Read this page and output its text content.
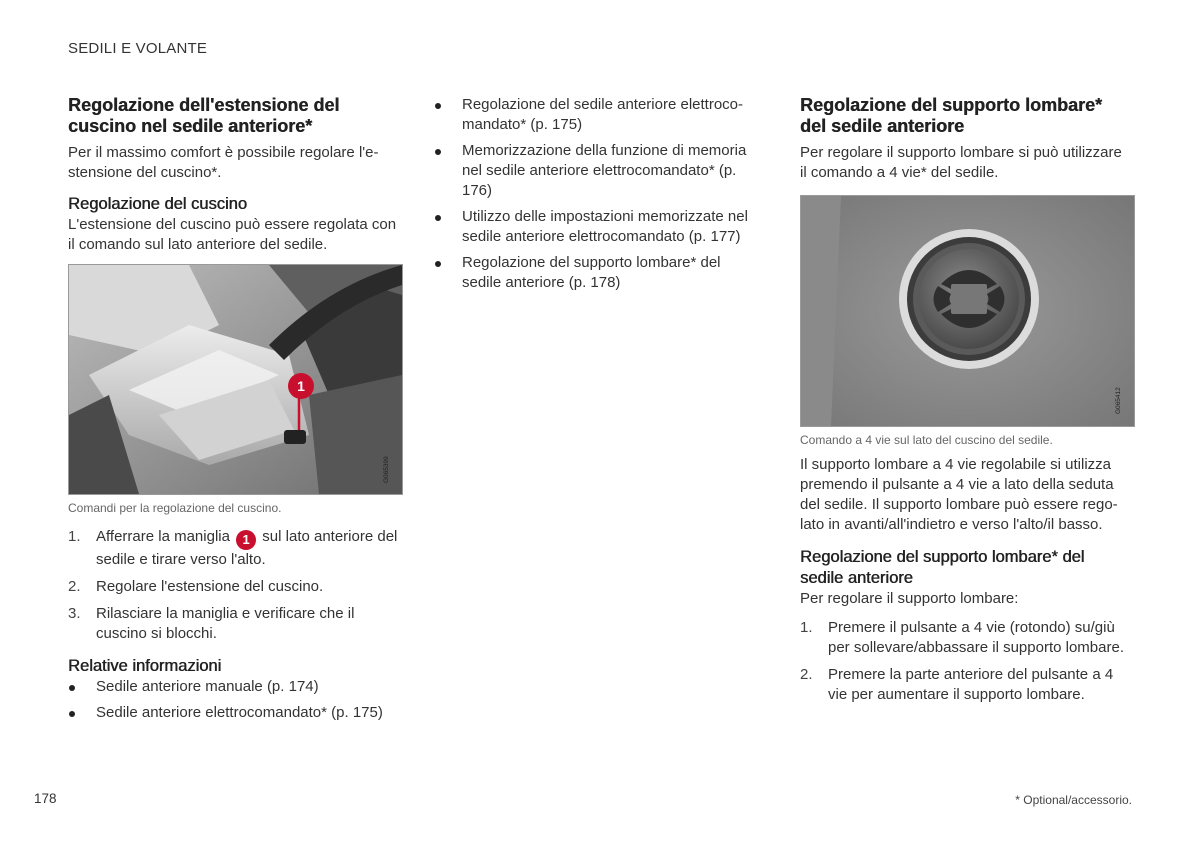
SEDILI E VOLANTE
Regolazione dell'estensione del cuscino nel sedile anteriore*

Per il massimo comfort è possibile regolare l'e-stensione del cuscino*.

Regolazione del cuscino

L'estensione del cuscino può essere regolata con il comando sul lato anteriore del sedile.

1
G065399
Comandi per la regolazione del cuscino.
1. Afferrare la maniglia 1 sul lato anteriore del sedile e tirare verso l'alto.
2. Regolare l'estensione del cuscino.
3. Rilasciare la maniglia e verificare che il cuscino si blocchi.
Relative informazioni
Sedile anteriore manuale (p. 174)
Sedile anteriore elettrocomandato* (p. 175)
Regolazione del sedile anteriore elettroco-mandato* (p. 175)
Memorizzazione della funzione di memoria nel sedile anteriore elettrocomandato* (p. 176)
Utilizzo delle impostazioni memorizzate nel sedile anteriore elettrocomandato (p. 177)
Regolazione del supporto lombare* del sedile anteriore (p. 178)
Regolazione del supporto lombare* del sedile anteriore

Per regolare il supporto lombare si può utilizzare il comando a 4 vie* del sedile.

G065412
Comando a 4 vie sul lato del cuscino del sedile.

Il supporto lombare a 4 vie regolabile si utilizza premendo il pulsante a 4 vie a lato della seduta del sedile. Il supporto lombare può essere rego-lato in avanti/all'indietro e verso l'alto/il basso.

Regolazione del supporto lombare* del sedile anteriore

Per regolare il supporto lombare:

1. Premere il pulsante a 4 vie (rotondo) su/giù per sollevare/abbassare il supporto lombare.
2. Premere la parte anteriore del pulsante a 4 vie per aumentare il supporto lombare.
178	* Optional/accessorio.
